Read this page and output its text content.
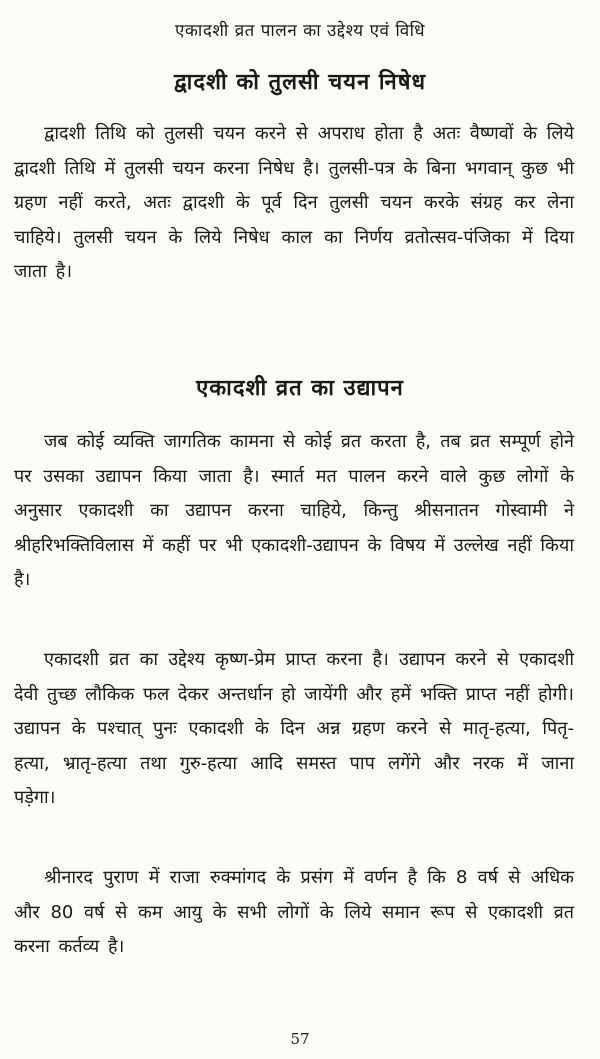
एकादशी व्रत पालन का उद्देश्य एवं विधि
द्वादशी को तुलसी चयन निषेध

द्वादशी तिथि को तुलसी चयन करने से अपराध होता है अतः वैष्णवों के लिये द्वादशी तिथि में तुलसी चयन करना निषेध है। तुलसी-पत्र के बिना भगवान् कुछ भी ग्रहण नहीं करते, अतः द्वादशी के पूर्व दिन तुलसी चयन करके संग्रह कर लेना चाहिये। तुलसी चयन के लिये निषेध काल का निर्णय व्रतोत्सव-पंजिका में दिया जाता है।

एकादशी व्रत का उद्यापन

जब कोई व्यक्ति जागतिक कामना से कोई व्रत करता है, तब व्रत सम्पूर्ण होने पर उसका उद्यापन किया जाता है। स्मार्त मत पालन करने वाले कुछ लोगों के अनुसार एकादशी का उद्यापन करना चाहिये, किन्तु श्रीसनातन गोस्वामी ने श्रीहरिभक्तिविलास में कहीं पर भी एकादशी-उद्यापन के विषय में उल्लेख नहीं किया है।

एकादशी व्रत का उद्देश्य कृष्ण-प्रेम प्राप्त करना है। उद्यापन करने से एकादशी देवी तुच्छ लौकिक फल देकर अन्तर्धान हो जायेंगी और हमें भक्ति प्राप्त नहीं होगी। उद्यापन के पश्चात् पुनः एकादशी के दिन अन्न ग्रहण करने से मातृ-हत्या, पितृ-हत्या, भ्रातृ-हत्या तथा गुरु-हत्या आदि समस्त पाप लगेंगे और नरक में जाना पड़ेगा।

श्रीनारद पुराण में राजा रुक्मांगद के प्रसंग में वर्णन है कि 8 वर्ष से अधिक और 80 वर्ष से कम आयु के सभी लोगों के लिये समान रूप से एकादशी व्रत करना कर्तव्य है।

57
